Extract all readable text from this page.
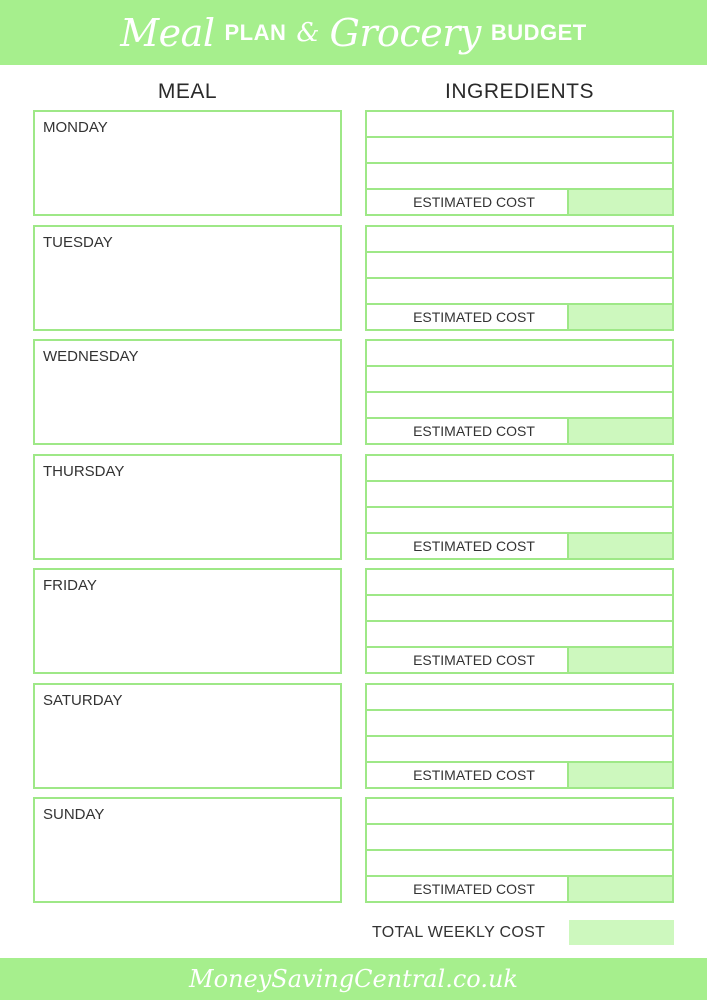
Meal PLAN & Grocery BUDGET
MEAL	INGREDIENTS
MONDAY
ESTIMATED COST
TUESDAY
ESTIMATED COST
WEDNESDAY
ESTIMATED COST
THURSDAY
ESTIMATED COST
FRIDAY
ESTIMATED COST
SATURDAY
ESTIMATED COST
SUNDAY
ESTIMATED COST
TOTAL WEEKLY COST
MoneySavingCentral.co.uk
